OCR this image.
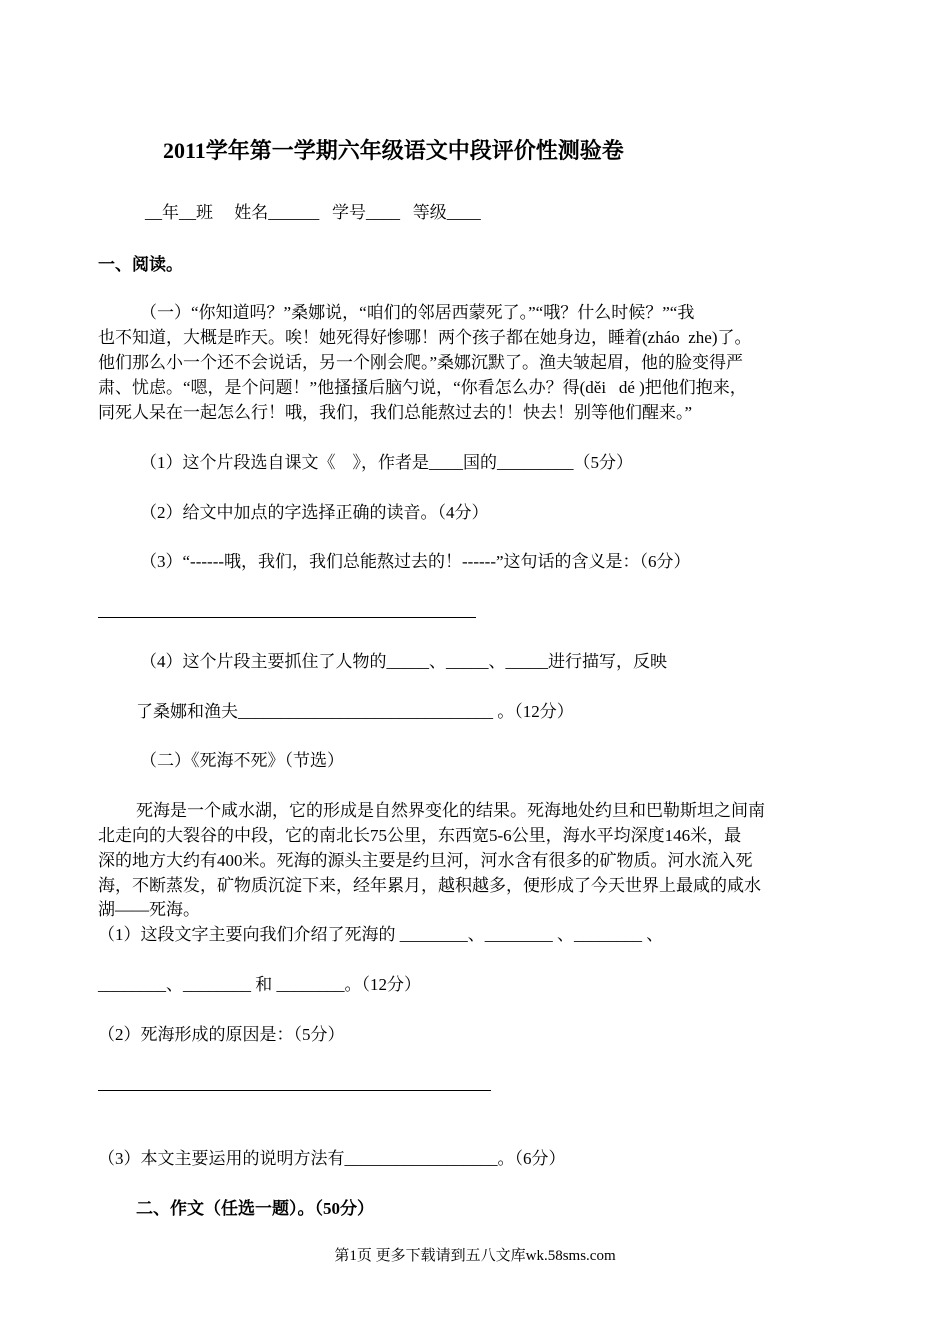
2011学年第一学期六年级语文中段评价性测验卷
__年__班     姓名______   学号____   等级____
一、阅读。
（一）“你知道吗？”桑娜说，“咱们的邻居西蒙死了。”“哦？什么时候？”“我
也不知道，大概是昨天。唉！她死得好惨哪！两个孩子都在她身边，睡着(zháo  zhe)了。
他们那么小一个还不会说话，另一个刚会爬。”桑娜沉默了。渔夫皱起眉，他的脸变得严
肃、忧虑。“嗯，是个问题！”他搔搔后脑勺说，“你看怎么办？得(děi   dé )把他们抱来，
同死人呆在一起怎么行！哦，我们，我们总能熬过去的！快去！别等他们醒来。”
（1）这个片段选自课文《    》，作者是____国的_________（5分）
（2）给文中加点的字选择正确的读音。（4分）
（3）“------哦，我们，我们总能熬过去的！------”这句话的含义是：（6分）
（4）这个片段主要抓住了人物的_____、_____、_____进行描写，反映
了桑娜和渔夫______________________________ 。（12分）
（二）《死海不死》（节选）
死海是一个咸水湖，它的形成是自然界变化的结果。死海地处约旦和巴勒斯坦之间南
北走向的大裂谷的中段，它的南北长75公里，东西宽5-6公里，海水平均深度146米，最
深的地方大约有400米。死海的源头主要是约旦河，河水含有很多的矿物质。河水流入死
海，不断蒸发，矿物质沉淀下来，经年累月，越积越多，便形成了今天世界上最咸的咸水
湖——死海。
（1）这段文字主要向我们介绍了死海的 ________、________ 、________ 、
________、________ 和 ________。（12分）
（2）死海形成的原因是：（5分）
（3）本文主要运用的说明方法有__________________。（6分）
二、作文（任选一题）。（50分）
第1页 更多下载请到五八文库wk.58sms.com
